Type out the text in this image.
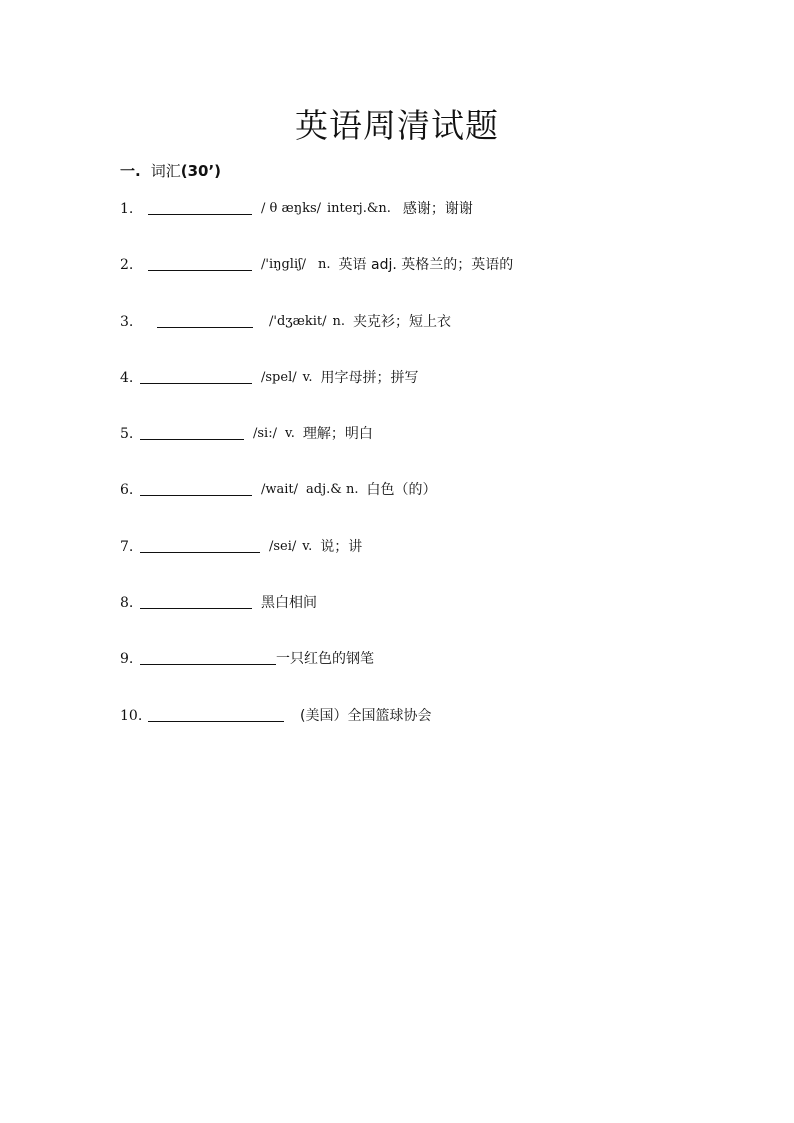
英语周清试题
一. 词汇(30’)
1.	/ θ æŋks/ interj.&n. 感谢；谢谢
2.	/'iŋgliʃ/ n. 英语 adj. 英格兰的；英语的
3.	/'dʒækit/ n. 夹克衫；短上衣
4.	/spel/ v. 用字母拼；拼写
5.	/si:/ v. 理解；明白
6.	/wait/ adj.& n. 白色（的）
7.	/sei/ v. 说；讲
8.	黑白相间
9.	一只红色的钢笔
10.	(美国）全国篮球协会
